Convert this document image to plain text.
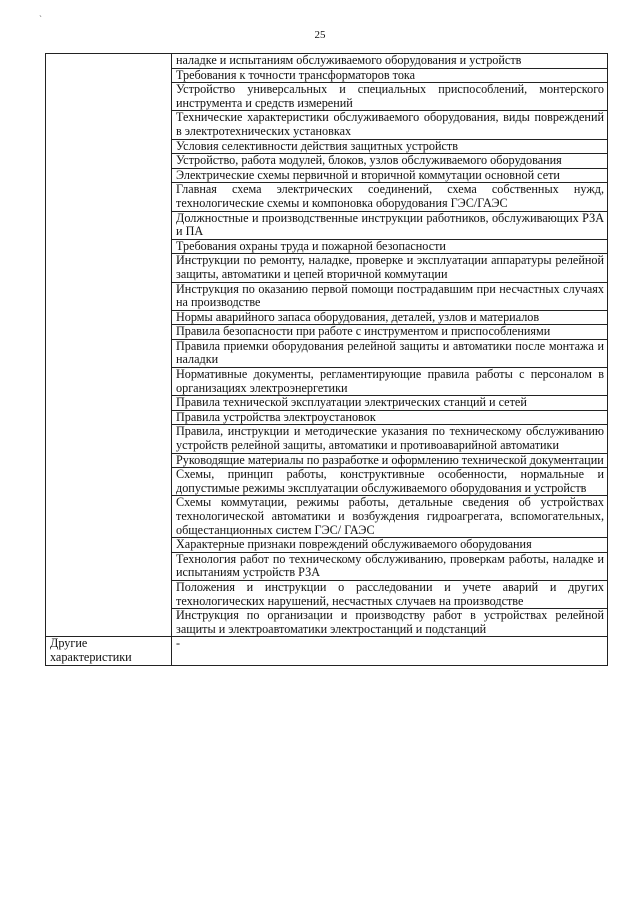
`
25
	наладке и испытаниям обслуживаемого оборудования и устройств
	Требования к точности трансформаторов тока
	Устройство универсальных и специальных приспособлений, монтерского инструмента и средств измерений
	Технические характеристики обслуживаемого оборудования, виды повреждений в электротехнических установках
	Условия селективности действия защитных устройств
	Устройство, работа модулей, блоков, узлов обслуживаемого оборудования
	Электрические схемы первичной и вторичной коммутации основной сети
	Главная схема электрических соединений, схема собственных нужд, технологические схемы и компоновка оборудования ГЭС/ГАЭС
	Должностные и производственные инструкции работников, обслуживающих РЗА и ПА
	Требования охраны труда и пожарной безопасности
	Инструкции по ремонту, наладке, проверке и эксплуатации аппаратуры релейной защиты, автоматики и цепей вторичной коммутации
	Инструкция по оказанию первой помощи пострадавшим при несчастных случаях на производстве
	Нормы аварийного запаса оборудования, деталей, узлов и материалов
	Правила безопасности при работе с инструментом и приспособлениями
	Правила приемки оборудования релейной защиты и автоматики после монтажа и наладки
	Нормативные документы, регламентирующие правила работы с персоналом в организациях электроэнергетики
	Правила технической эксплуатации электрических станций и сетей
	Правила устройства электроустановок
	Правила, инструкции и методические указания по техническому обслуживанию устройств релейной защиты, автоматики и противоаварийной автоматики
	Руководящие материалы по разработке и оформлению технической документации
	Схемы, принцип работы, конструктивные особенности, нормальные и допустимые режимы эксплуатации обслуживаемого оборудования и устройств
	Схемы коммутации, режимы работы, детальные сведения об устройствах технологической автоматики и возбуждения гидроагрегата, вспомогательных, общестанционных систем ГЭС/ ГАЭС
	Характерные признаки повреждений обслуживаемого оборудования
	Технология работ по техническому обслуживанию, проверкам работы, наладке и испытаниям устройств РЗА
	Положения и инструкции о расследовании и учете аварий и других технологических нарушений, несчастных случаев на производстве
	Инструкция по организации и производству работ в устройствах релейной защиты и электроавтоматики электростанций и подстанций
Другие характеристики	-
